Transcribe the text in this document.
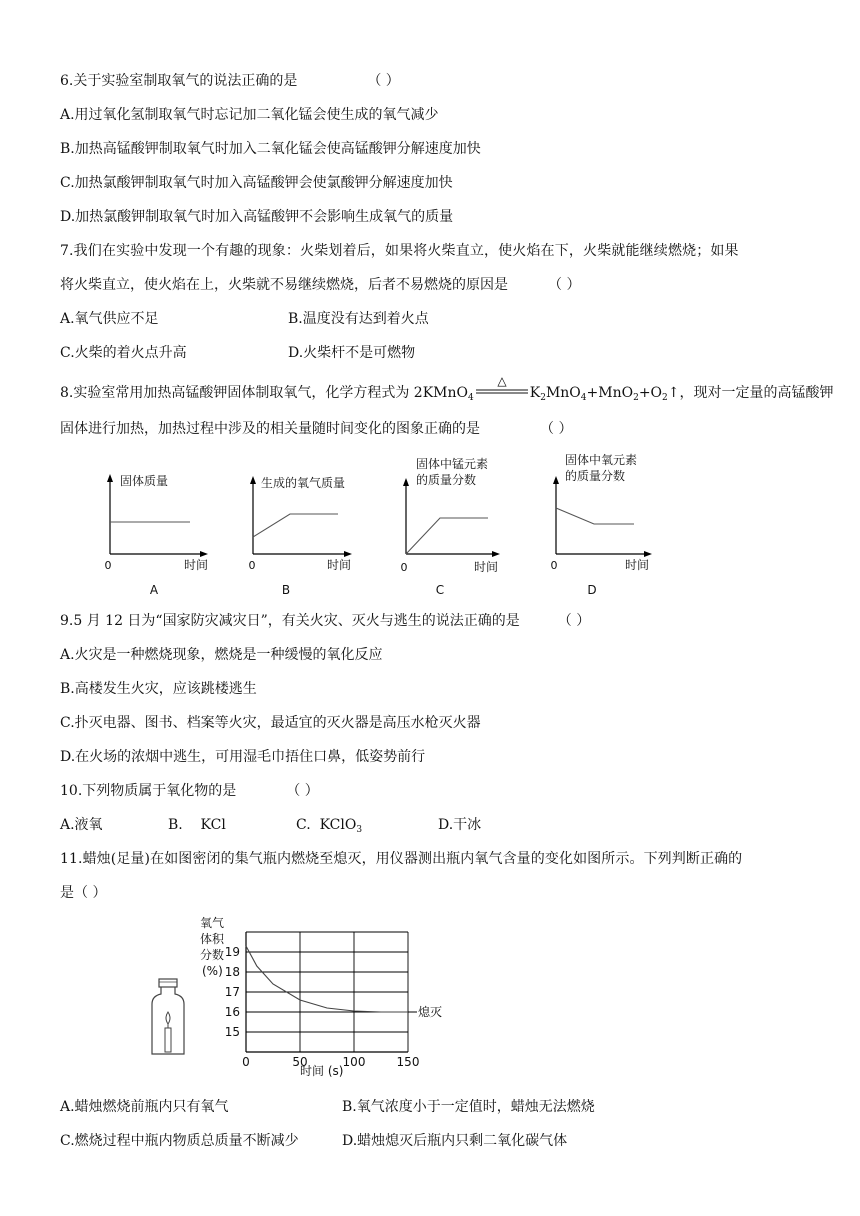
6.关于实验室制取氧气的说法正确的是	（ ）
A.用过氧化氢制取氧气时忘记加二氧化锰会使生成的氧气减少
B.加热高锰酸钾制取氧气时加入二氧化锰会使高锰酸钾分解速度加快
C.加热氯酸钾制取氧气时加入高锰酸钾会使氯酸钾分解速度加快
D.加热氯酸钾制取氧气时加入高锰酸钾不会影响生成氧气的质量
7.我们在实验中发现一个有趣的现象：火柴划着后，如果将火柴直立，使火焰在下，火柴就能继续燃烧；如果
将火柴直立，使火焰在上，火柴就不易继续燃烧，后者不易燃烧的原因是	（ ）
A.氧气供应不足	B.温度没有达到着火点
C.火柴的着火点升高	D.火柴杆不是可燃物
8.实验室常用加热高锰酸钾固体制取氧气，化学方程式为 2KMnO$_4$
△
$K_2MnO_4+MnO_2+O_2↑$，现对一定量的高锰酸钾
固体进行加热，加热过程中涉及的相关量随时间变化的图象正确的是	（ ）
固体质量
时间
0
A
生成的氧气质量
时间
0
B
固体中锰元素
的质量分数
时间
0
C
固体中氧元素
的质量分数
时间
0
D
9.5 月 12 日为“国家防灾减灾日”，有关火灾、灭火与逃生的说法正确的是	（ ）
A.火灾是一种燃烧现象，燃烧是一种缓慢的氧化反应
B.高楼发生火灾，应该跳楼逃生
C.扑灭电器、图书、档案等火灾，最适宜的灭火器是高压水枪灭火器
D.在火场的浓烟中逃生，可用湿毛巾捂住口鼻，低姿势前行
10.下列物质属于氧化物的是	（ ）
A.液氧	B.    KCl	C.  KClO$_3$	D.干冰
11.蜡烛(足量)在如图密闭的集气瓶内燃烧至熄灭，用仪器测出瓶内氧气含量的变化如图所示。下列判断正确的
是（ ）
氧气
体积
分数
(%)
19
18
17
16
15
0	50	100	150
熄灭
时间 (s)
A.蜡烛燃烧前瓶内只有氧气	B.氧气浓度小于一定值时，蜡烛无法燃烧
C.燃烧过程中瓶内物质总质量不断减少	D.蜡烛熄灭后瓶内只剩二氧化碳气体
